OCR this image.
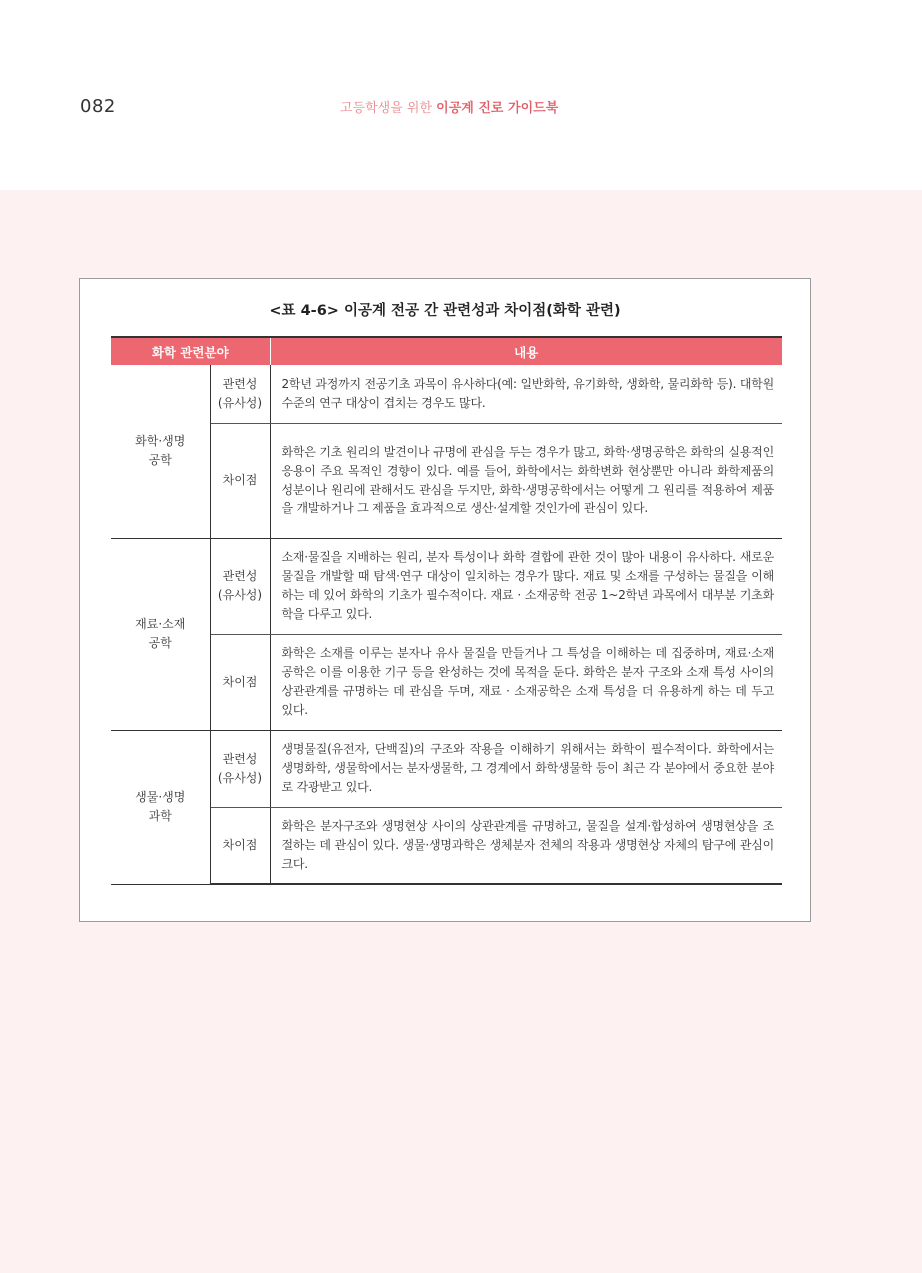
082	고등학생을 위한 이공계 진로 가이드북
<표 4-6> 이공계 전공 간 관련성과 차이점(화학 관련)
화학 관련분야		내용

화학·생명
공학	관련성
(유사성)	2학년 과정까지 전공기초 과목이 유사하다(예: 일반화학, 유기화학, 생화학, 물리화학 등). 대학원 수준의 연구 대상이 겹치는 경우도 많다.

	차이점	화학은 기초 원리의 발견이나 규명에 관심을 두는 경우가 많고, 화학·생명공학은 화학의 실용적인 응용이 주요 목적인 경향이 있다. 예를 들어, 화학에서는 화학변화 현상뿐만 아니라 화학제품의 성분이나 원리에 관해서도 관심을 두지만, 화학·생명공학에서는 어떻게 그 원리를 적용하여 제품을 개발하거나 그 제품을 효과적으로 생산·설계할 것인가에 관심이 있다.

재료·소재
공학	관련성
(유사성)	소재·물질을 지배하는 원리, 분자 특성이나 화학 결합에 관한 것이 많아 내용이 유사하다. 새로운 물질을 개발할 때 탐색·연구 대상이 일치하는 경우가 많다. 재료 및 소재를 구성하는 물질을 이해하는 데 있어 화학의 기초가 필수적이다. 재료 · 소재공학 전공 1~2학년 과목에서 대부분 기초화학을 다루고 있다.

	차이점	화학은 소재를 이루는 분자나 유사 물질을 만들거나 그 특성을 이해하는 데 집중하며, 재료·소재공학은 이를 이용한 기구 등을 완성하는 것에 목적을 둔다. 화학은 분자 구조와 소재 특성 사이의 상관관계를 규명하는 데 관심을 두며, 재료 · 소재공학은 소재 특성을 더 유용하게 하는 데 두고 있다.

생물·생명
과학	관련성
(유사성)	생명물질(유전자, 단백질)의 구조와 작용을 이해하기 위해서는 화학이 필수적이다. 화학에서는 생명화학, 생물학에서는 분자생물학, 그 경계에서 화학생물학 등이 최근 각 분야에서 중요한 분야로 각광받고 있다.

	차이점	화학은 분자구조와 생명현상 사이의 상관관계를 규명하고, 물질을 설계·합성하여 생명현상을 조절하는 데 관심이 있다. 생물·생명과학은 생체분자 전체의 작용과 생명현상 자체의 탐구에 관심이 크다.
